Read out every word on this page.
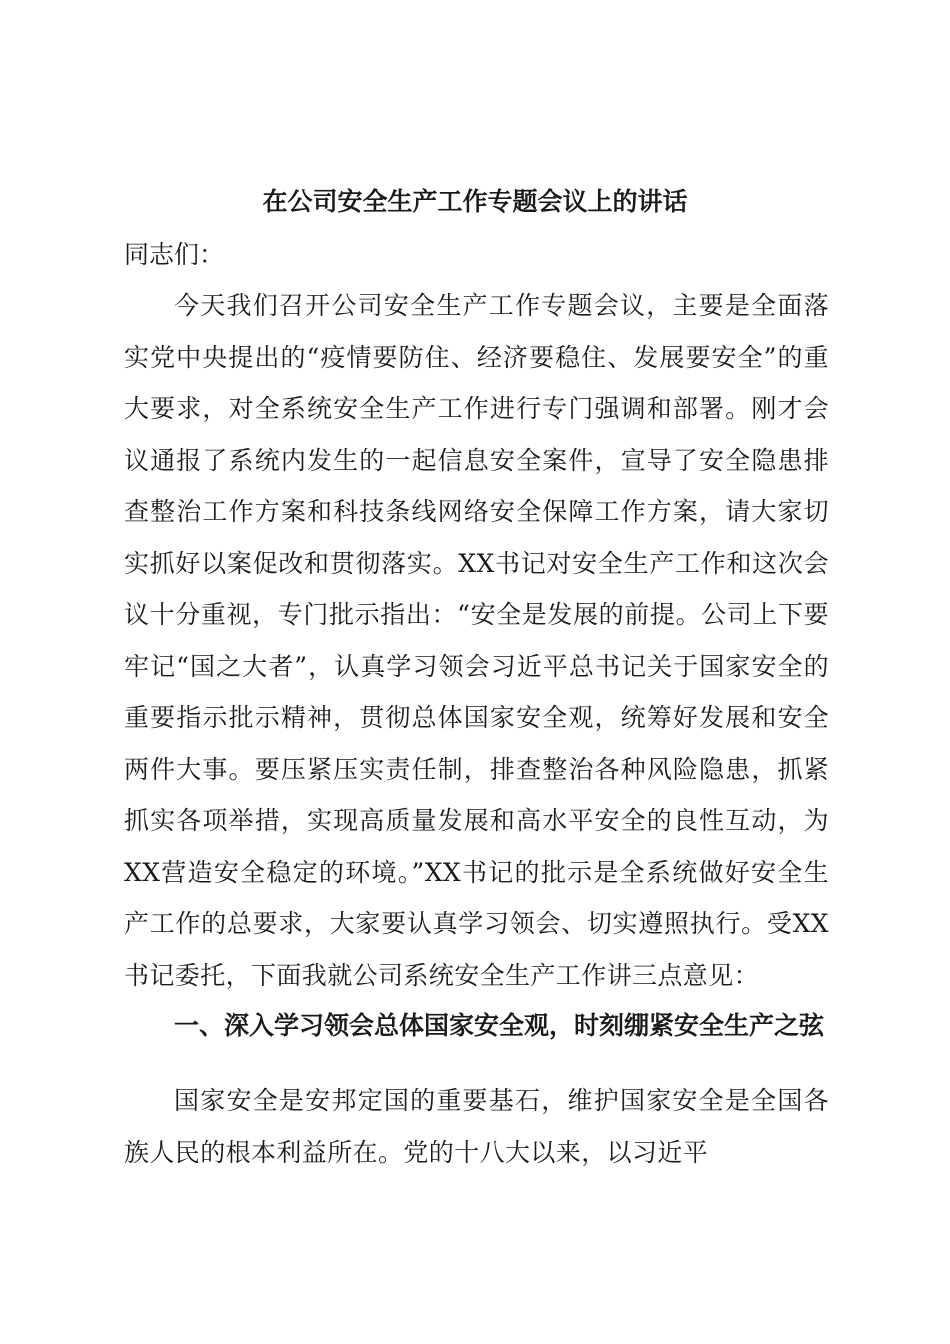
在公司安全生产工作专题会议上的讲话

同志们：

今天我们召开公司安全生产工作专题会议，主要是全面落实党中央提出的“疫情要防住、经济要稳住、发展要安全”的重大要求，对全系统安全生产工作进行专门强调和部署。刚才会议通报了系统内发生的一起信息安全案件，宣导了安全隐患排查整治工作方案和科技条线网络安全保障工作方案，请大家切实抓好以案促改和贯彻落实。XX书记对安全生产工作和这次会议十分重视，专门批示指出：“安全是发展的前提。公司上下要牢记“国之大者”，认真学习领会习近平总书记关于国家安全的重要指示批示精神，贯彻总体国家安全观，统筹好发展和安全两件大事。要压紧压实责任制，排查整治各种风险隐患，抓紧抓实各项举措，实现高质量发展和高水平安全的良性互动，为XX营造安全稳定的环境。”XX书记的批示是全系统做好安全生产工作的总要求，大家要认真学习领会、切实遵照执行。受XX书记委托，下面我就公司系统安全生产工作讲三点意见：

一、深入学习领会总体国家安全观，时刻绷紧安全生产之弦

国家安全是安邦定国的重要基石，维护国家安全是全国各族人民的根本利益所在。党的十八大以来，以习近平
